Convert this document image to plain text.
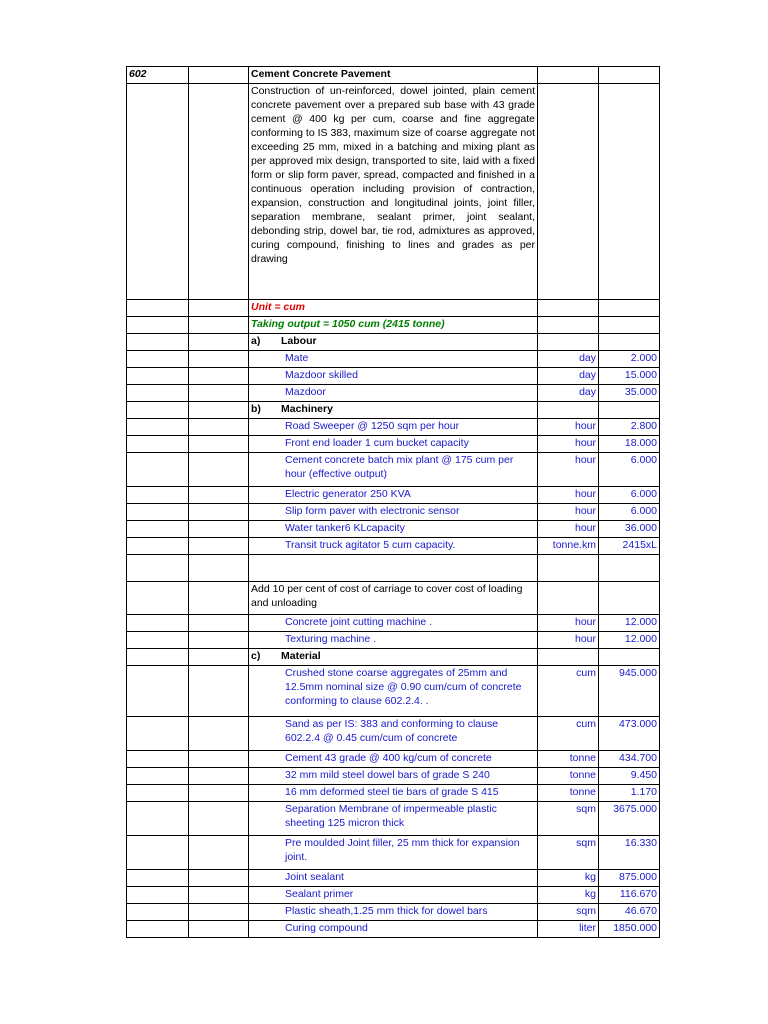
602		Cement Concrete Pavement		
		Construction of un-reinforced, dowel jointed, plain cement concrete pavement over a prepared sub base with 43 grade cement @ 400 kg per cum, coarse and fine aggregate conforming to IS 383, maximum size of coarse aggregate not exceeding 25 mm, mixed in a batching and mixing plant as per approved mix design, transported to site, laid with a fixed form or slip form paver, spread, compacted and finished in a continuous operation including provision of contraction, expansion, construction and longitudinal joints, joint filler, separation membrane, sealant primer, joint sealant, debonding strip, dowel bar, tie rod, admixtures as approved, curing compound, finishing to lines and grades as per drawing		
		Unit = cum		
		Taking output = 1050 cum (2415 tonne)		
		a) Labour		
		Mate	day	2.000
		Mazdoor skilled	day	15.000
		Mazdoor	day	35.000
		b) Machinery		
		Road Sweeper @ 1250 sqm per hour	hour	2.800
		Front end loader 1 cum bucket capacity	hour	18.000
		Cement concrete batch mix plant @ 175 cum per hour (effective output)	hour	6.000
		Electric generator 250 KVA	hour	6.000
		Slip form paver with electronic sensor	hour	6.000
		Water tanker6 KLcapacity	hour	36.000
		Transit truck agitator 5 cum capacity.	tonne.km	2415xL

		Add 10 per cent of cost of carriage to cover cost of loading and unloading		
		Concrete joint cutting machine .	hour	12.000
		Texturing machine .	hour	12.000
		c) Material		
		Crushed stone coarse aggregates of 25mm and 12.5mm nominal size @ 0.90 cum/cum of concrete conforming to clause 602.2.4. .	cum	945.000
		Sand as per IS: 383 and conforming to clause 602.2.4 @ 0.45 cum/cum of concrete	cum	473.000
		Cement 43 grade @ 400 kg/cum of concrete	tonne	434.700
		32 mm mild steel dowel bars of grade S 240	tonne	9.450
		16 mm deformed steel tie bars of grade S 415	tonne	1.170
		Separation Membrane of impermeable plastic sheeting 125 micron thick	sqm	3675.000
		Pre moulded Joint filler, 25 mm thick for expansion joint.	sqm	16.330
		Joint sealant	kg	875.000
		Sealant primer	kg	116.670
		Plastic sheath,1.25 mm thick for dowel bars	sqm	46.670
		Curing compound	liter	1850.000
